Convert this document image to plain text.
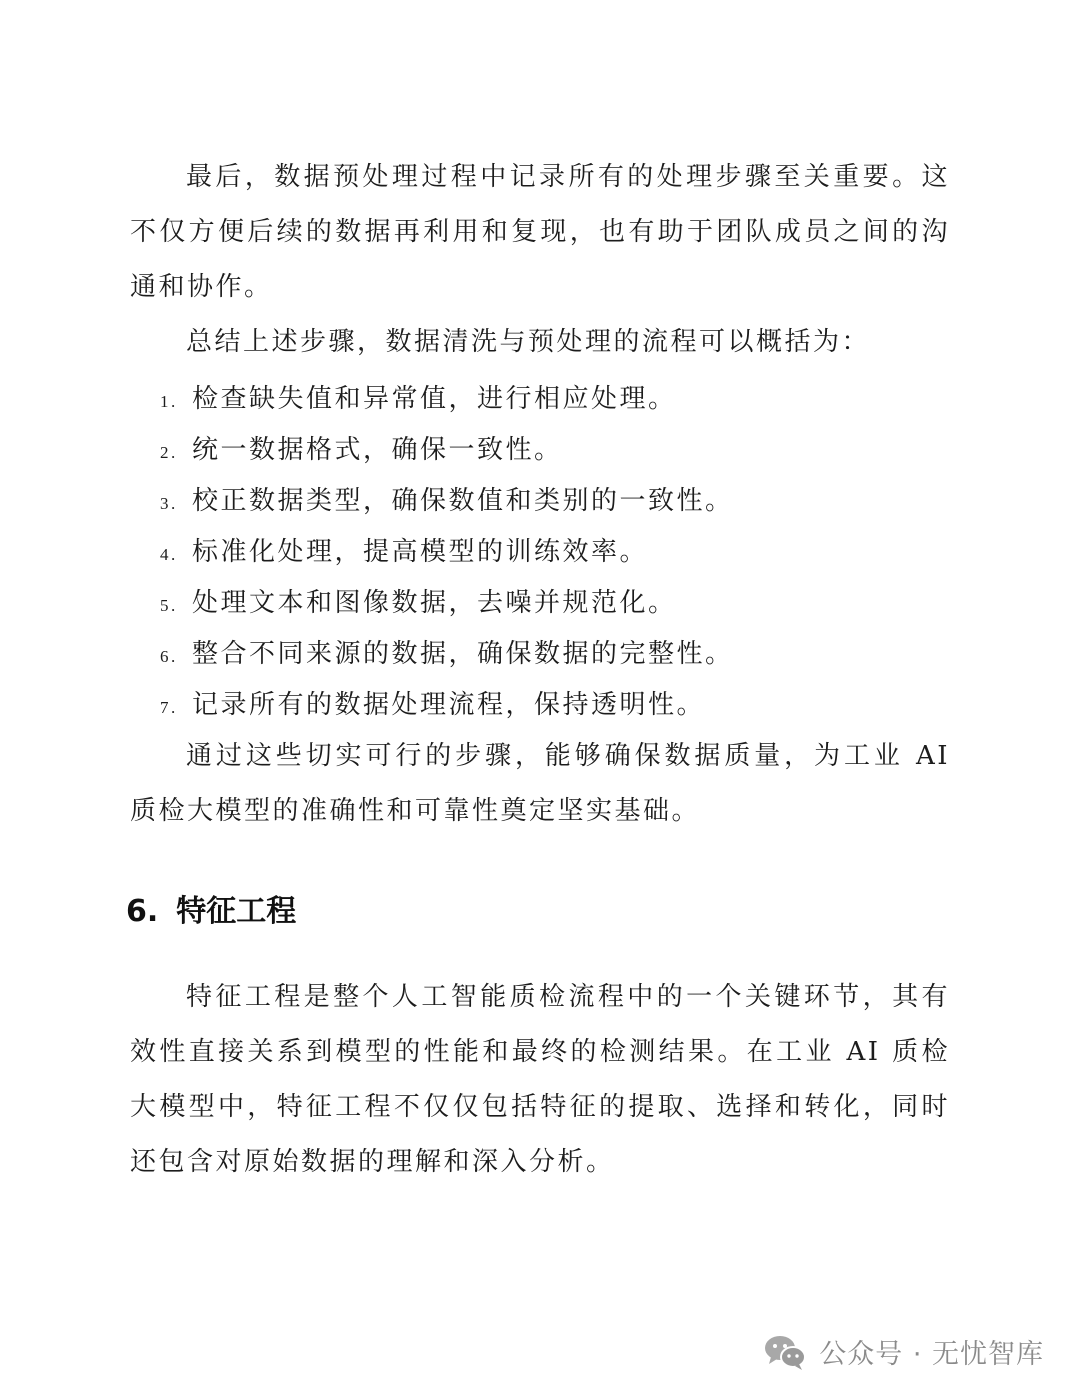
最后，数据预处理过程中记录所有的处理步骤至关重要。这不仅方便后续的数据再利用和复现，也有助于团队成员之间的沟通和协作。

总结上述步骤，数据清洗与预处理的流程可以概括为：

1. 检查缺失值和异常值，进行相应处理。
2. 统一数据格式，确保一致性。
3. 校正数据类型，确保数值和类别的一致性。
4. 标准化处理，提高模型的训练效率。
5. 处理文本和图像数据，去噪并规范化。
6. 整合不同来源的数据，确保数据的完整性。
7. 记录所有的数据处理流程，保持透明性。

通过这些切实可行的步骤，能够确保数据质量，为工业 AI 质检大模型的准确性和可靠性奠定坚实基础。

6. 特征工程

特征工程是整个人工智能质检流程中的一个关键环节，其有效性直接关系到模型的性能和最终的检测结果。在工业 AI 质检大模型中，特征工程不仅仅包括特征的提取、选择和转化，同时还包含对原始数据的理解和深入分析。

公众号 · 无忧智库
